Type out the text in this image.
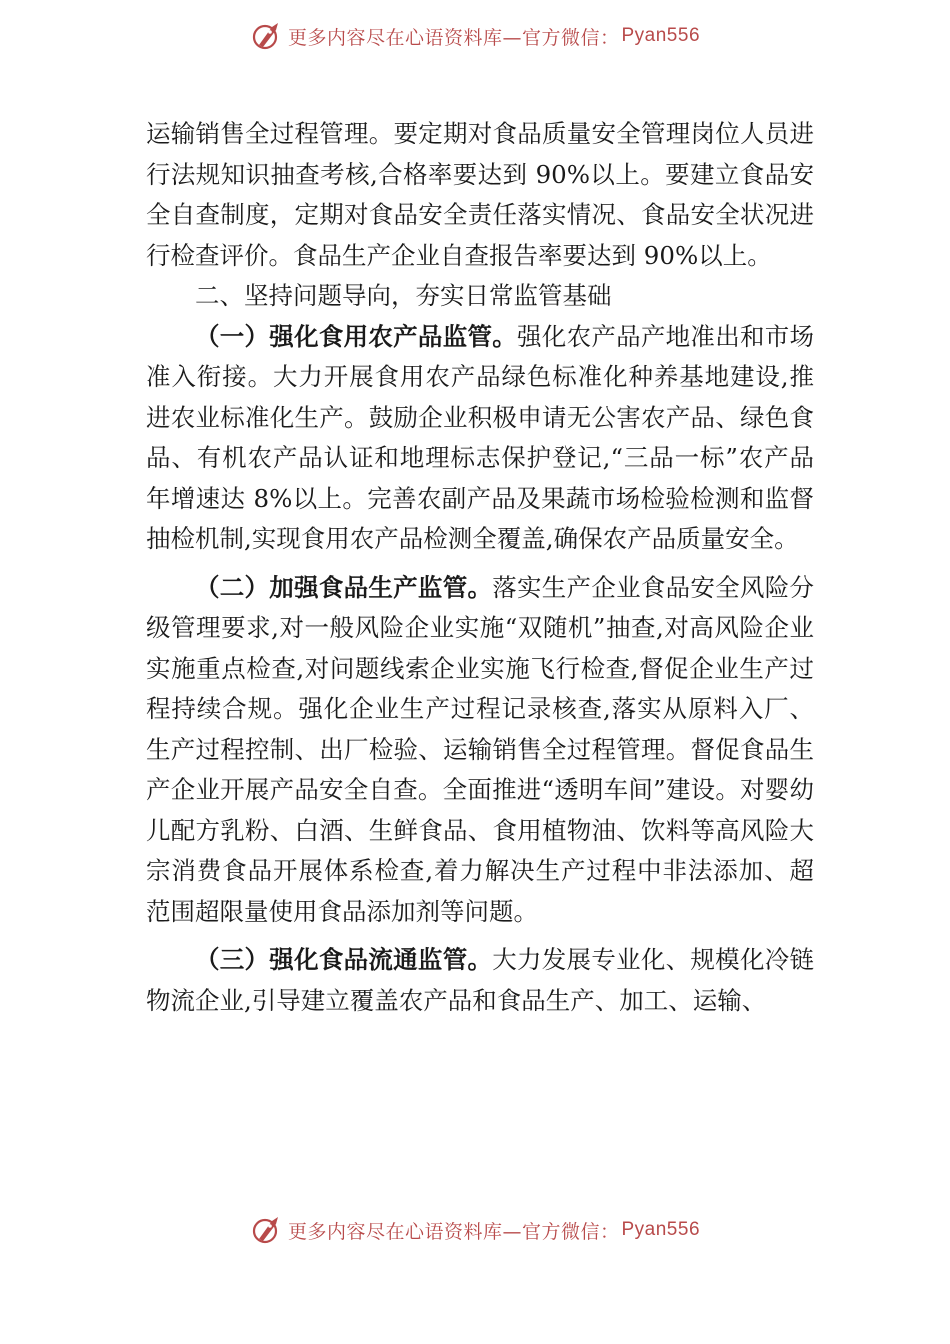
更多内容尽在心语资料库—官方微信： Pyan556

运输销售全过程管理。要定期对食品质量安全管理岗位人员进行法规知识抽查考核,合格率要达到 90%以上。要建立食品安全自查制度，定期对食品安全责任落实情况、食品安全状况进行检查评价。食品生产企业自查报告率要达到 90%以上。

二、坚持问题导向，夯实日常监管基础

（一）强化食用农产品监管。强化农产品产地准出和市场准入衔接。大力开展食用农产品绿色标准化种养基地建设,推进农业标准化生产。鼓励企业积极申请无公害农产品、绿色食品、有机农产品认证和地理标志保护登记,“三品一标”农产品年增速达 8%以上。完善农副产品及果蔬市场检验检测和监督抽检机制,实现食用农产品检测全覆盖,确保农产品质量安全。

（二）加强食品生产监管。落实生产企业食品安全风险分级管理要求,对一般风险企业实施“双随机”抽查,对高风险企业实施重点检查,对问题线索企业实施飞行检查,督促企业生产过程持续合规。强化企业生产过程记录核查,落实从原料入厂、生产过程控制、出厂检验、运输销售全过程管理。督促食品生产企业开展产品安全自查。全面推进“透明车间”建设。对婴幼儿配方乳粉、白酒、生鲜食品、食用植物油、饮料等高风险大宗消费食品开展体系检查,着力解决生产过程中非法添加、超范围超限量使用食品添加剂等问题。

（三）强化食品流通监管。大力发展专业化、规模化冷链物流企业,引导建立覆盖农产品和食品生产、加工、运输、

更多内容尽在心语资料库—官方微信： Pyan556
